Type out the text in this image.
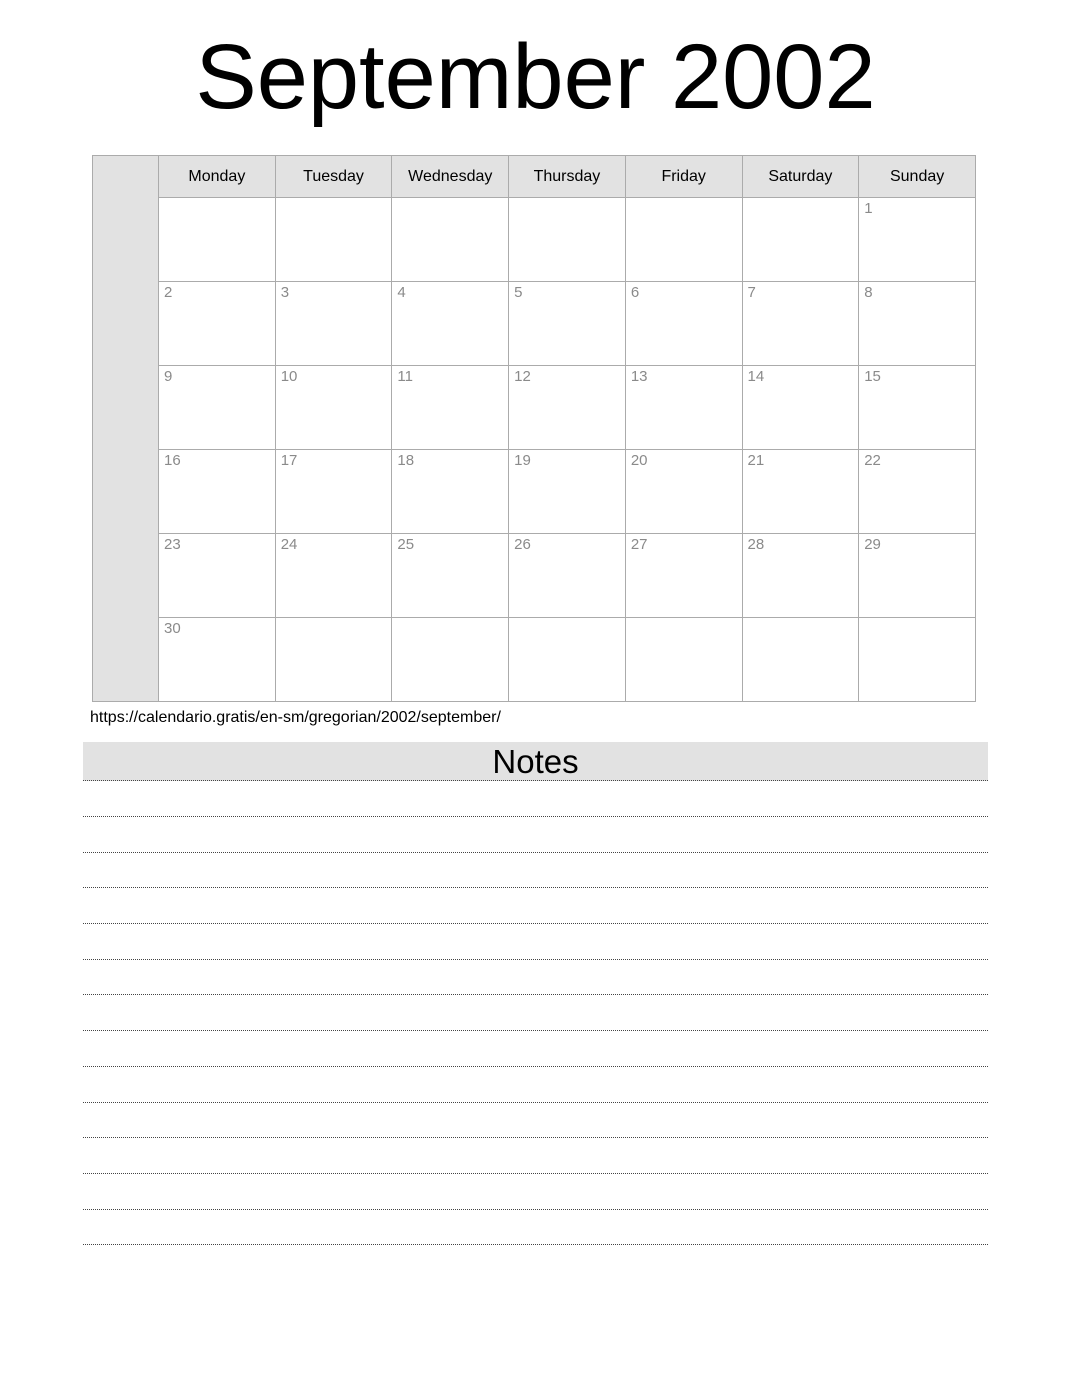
September 2002
	Monday	Tuesday	Wednesday	Thursday	Friday	Saturday	Sunday

							1

	2	3	4	5	6	7	8

	9	10	11	12	13	14	15

	16	17	18	19	20	21	22

	23	24	25	26	27	28	29

	30						

https://calendario.gratis/en-sm/gregorian/2002/september/

Notes
